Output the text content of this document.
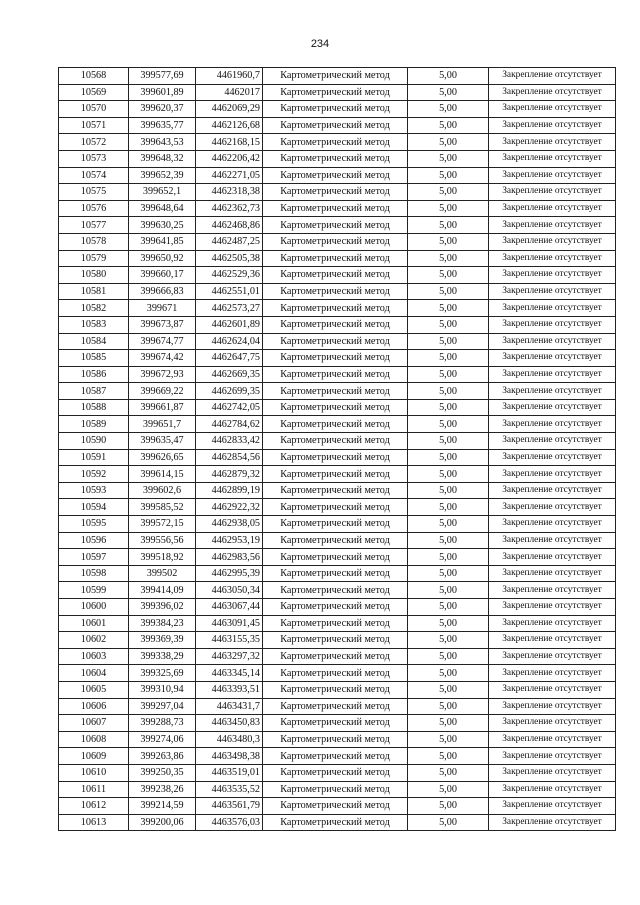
234
10568	399577,69	4461960,7	Картометрический метод	5,00	Закрепление отсутствует
10569	399601,89	4462017	Картометрический метод	5,00	Закрепление отсутствует
10570	399620,37	4462069,29	Картометрический метод	5,00	Закрепление отсутствует
10571	399635,77	4462126,68	Картометрический метод	5,00	Закрепление отсутствует
10572	399643,53	4462168,15	Картометрический метод	5,00	Закрепление отсутствует
10573	399648,32	4462206,42	Картометрический метод	5,00	Закрепление отсутствует
10574	399652,39	4462271,05	Картометрический метод	5,00	Закрепление отсутствует
10575	399652,1	4462318,38	Картометрический метод	5,00	Закрепление отсутствует
10576	399648,64	4462362,73	Картометрический метод	5,00	Закрепление отсутствует
10577	399630,25	4462468,86	Картометрический метод	5,00	Закрепление отсутствует
10578	399641,85	4462487,25	Картометрический метод	5,00	Закрепление отсутствует
10579	399650,92	4462505,38	Картометрический метод	5,00	Закрепление отсутствует
10580	399660,17	4462529,36	Картометрический метод	5,00	Закрепление отсутствует
10581	399666,83	4462551,01	Картометрический метод	5,00	Закрепление отсутствует
10582	399671	4462573,27	Картометрический метод	5,00	Закрепление отсутствует
10583	399673,87	4462601,89	Картометрический метод	5,00	Закрепление отсутствует
10584	399674,77	4462624,04	Картометрический метод	5,00	Закрепление отсутствует
10585	399674,42	4462647,75	Картометрический метод	5,00	Закрепление отсутствует
10586	399672,93	4462669,35	Картометрический метод	5,00	Закрепление отсутствует
10587	399669,22	4462699,35	Картометрический метод	5,00	Закрепление отсутствует
10588	399661,87	4462742,05	Картометрический метод	5,00	Закрепление отсутствует
10589	399651,7	4462784,62	Картометрический метод	5,00	Закрепление отсутствует
10590	399635,47	4462833,42	Картометрический метод	5,00	Закрепление отсутствует
10591	399626,65	4462854,56	Картометрический метод	5,00	Закрепление отсутствует
10592	399614,15	4462879,32	Картометрический метод	5,00	Закрепление отсутствует
10593	399602,6	4462899,19	Картометрический метод	5,00	Закрепление отсутствует
10594	399585,52	4462922,32	Картометрический метод	5,00	Закрепление отсутствует
10595	399572,15	4462938,05	Картометрический метод	5,00	Закрепление отсутствует
10596	399556,56	4462953,19	Картометрический метод	5,00	Закрепление отсутствует
10597	399518,92	4462983,56	Картометрический метод	5,00	Закрепление отсутствует
10598	399502	4462995,39	Картометрический метод	5,00	Закрепление отсутствует
10599	399414,09	4463050,34	Картометрический метод	5,00	Закрепление отсутствует
10600	399396,02	4463067,44	Картометрический метод	5,00	Закрепление отсутствует
10601	399384,23	4463091,45	Картометрический метод	5,00	Закрепление отсутствует
10602	399369,39	4463155,35	Картометрический метод	5,00	Закрепление отсутствует
10603	399338,29	4463297,32	Картометрический метод	5,00	Закрепление отсутствует
10604	399325,69	4463345,14	Картометрический метод	5,00	Закрепление отсутствует
10605	399310,94	4463393,51	Картометрический метод	5,00	Закрепление отсутствует
10606	399297,04	4463431,7	Картометрический метод	5,00	Закрепление отсутствует
10607	399288,73	4463450,83	Картометрический метод	5,00	Закрепление отсутствует
10608	399274,06	4463480,3	Картометрический метод	5,00	Закрепление отсутствует
10609	399263,86	4463498,38	Картометрический метод	5,00	Закрепление отсутствует
10610	399250,35	4463519,01	Картометрический метод	5,00	Закрепление отсутствует
10611	399238,26	4463535,52	Картометрический метод	5,00	Закрепление отсутствует
10612	399214,59	4463561,79	Картометрический метод	5,00	Закрепление отсутствует
10613	399200,06	4463576,03	Картометрический метод	5,00	Закрепление отсутствует
